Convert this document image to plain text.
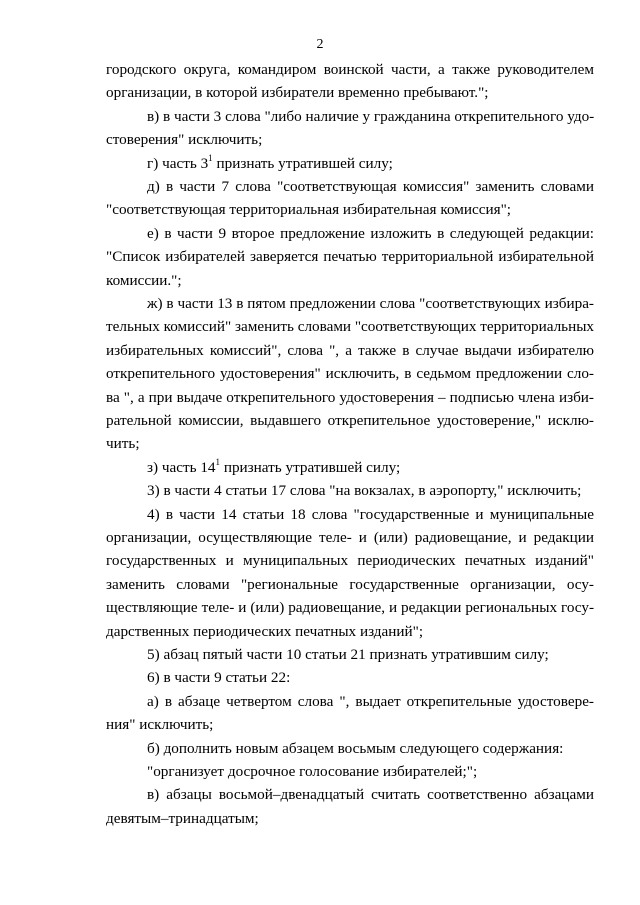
2

городского округа, командиром воинской части, а также руководителем

организации, в которой избиратели временно пребывают.";

в) в части 3 слова "либо наличие у гражданина открепительного удо-

стоверения" исключить;

г) часть $3^1$ признать утратившей силу;

д) в части 7 слова "соответствующая комиссия" заменить словами

"соответствующая территориальная избирательная комиссия";

е) в части 9 второе предложение изложить в следующей редакции:

"Список избирателей заверяется печатью территориальной избирательной

комиссии.";

ж) в части 13 в пятом предложении слова "соответствующих избира-

тельных комиссий" заменить словами "соответствующих территориальных

избирательных комиссий", слова ", а также в случае выдачи избирателю

открепительного удостоверения" исключить, в седьмом предложении сло-

ва ", а при выдаче открепительного удостоверения – подписью члена изби-

рательной комиссии, выдавшего открепительное удостоверение," исклю-

чить;

з) часть $14^1$ признать утратившей силу;

3) в части 4 статьи 17 слова "на вокзалах, в аэропорту," исключить;

4) в части 14 статьи 18 слова "государственные и муниципальные

организации, осуществляющие теле- и (или) радиовещание, и редакции

государственных и муниципальных периодических печатных изданий"

заменить словами "региональные государственные организации, осу-

ществляющие теле- и (или) радиовещание, и редакции региональных госу-

дарственных периодических печатных изданий";

5) абзац пятый части 10 статьи 21 признать утратившим силу;

6) в части 9 статьи 22:

а) в абзаце четвертом слова ", выдает открепительные удостовере-

ния" исключить;

б) дополнить новым абзацем восьмым следующего содержания:

"организует досрочное голосование избирателей;";

в) абзацы восьмой–двенадцатый считать соответственно абзацами

девятым–тринадцатым;
